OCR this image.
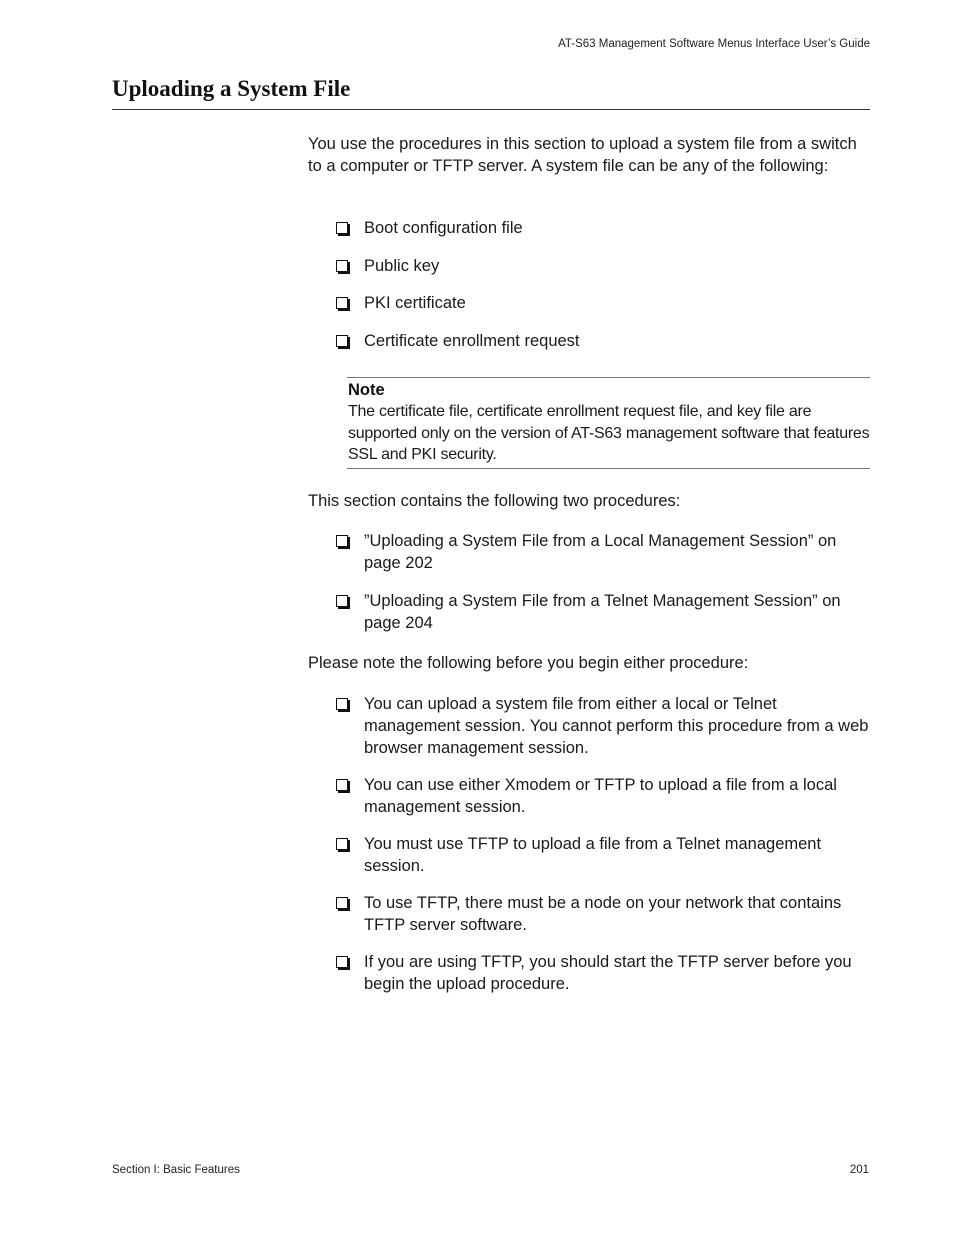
AT-S63 Management Software Menus Interface User’s Guide
Uploading a System File

You use the procedures in this section to upload a system file from a switch to a computer or TFTP server. A system file can be any of the following:

Boot configuration file
Public key
PKI certificate
Certificate enrollment request
Note

The certificate file, certificate enrollment request file, and key file are supported only on the version of AT-S63 management software that features SSL and PKI security.

This section contains the following two procedures:

”Uploading a System File from a Local Management Session” on page 202
”Uploading a System File from a Telnet Management Session” on page 204

Please note the following before you begin either procedure:

You can upload a system file from either a local or Telnet management session. You cannot perform this procedure from a web browser management session.
You can use either Xmodem or TFTP to upload a file from a local management session.
You must use TFTP to upload a file from a Telnet management session.
To use TFTP, there must be a node on your network that contains TFTP server software.
If you are using TFTP, you should start the TFTP server before you begin the upload procedure.
Section I: Basic Features	201
